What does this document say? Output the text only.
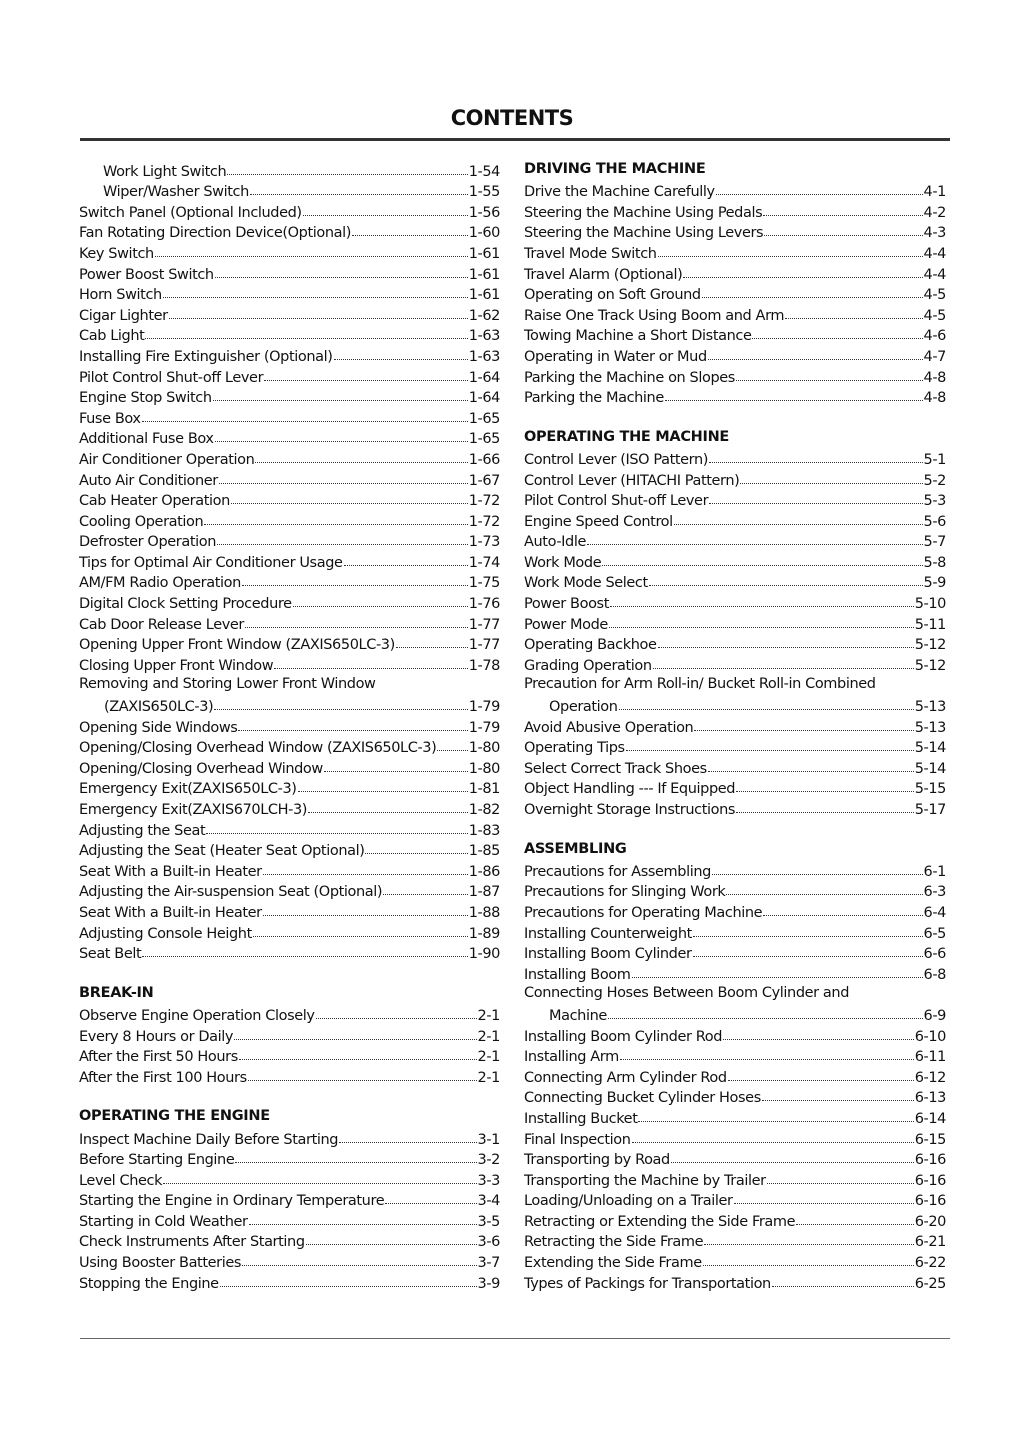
CONTENTS
Work Light Switch	1-54
Wiper/Washer Switch	1-55
Switch Panel (Optional Included)	1-56
Fan Rotating Direction Device(Optional)	1-60
Key Switch	1-61
Power Boost Switch	1-61
Horn Switch	1-61
Cigar Lighter	1-62
Cab Light	1-63
Installing Fire Extinguisher (Optional)	1-63
Pilot Control Shut-off Lever	1-64
Engine Stop Switch	1-64
Fuse Box	1-65
Additional Fuse Box	1-65
Air Conditioner Operation	1-66
Auto Air Conditioner	1-67
Cab Heater Operation	1-72
Cooling Operation	1-72
Defroster Operation	1-73
Tips for Optimal Air Conditioner Usage	1-74
AM/FM Radio Operation	1-75
Digital Clock Setting Procedure	1-76
Cab Door Release Lever	1-77
Opening Upper Front Window (ZAXIS650LC-3)	1-77
Closing Upper Front Window	1-78
Removing and Storing Lower Front Window
(ZAXIS650LC-3)	1-79
Opening Side Windows	1-79
Opening/Closing Overhead Window (ZAXIS650LC-3) 1-80
Opening/Closing Overhead Window	1-80
Emergency Exit(ZAXIS650LC-3)	1-81
Emergency Exit(ZAXIS670LCH-3)	1-82
Adjusting the Seat	1-83
Adjusting the Seat (Heater Seat Optional)	1-85
Seat With a Built-in Heater	1-86
Adjusting the Air-suspension Seat (Optional)	1-87
Seat With a Built-in Heater	1-88
Adjusting Console Height	1-89
Seat Belt	1-90
BREAK-IN
Observe Engine Operation Closely	2-1
Every 8 Hours or Daily	2-1
After the First 50 Hours	2-1
After the First 100 Hours	2-1
OPERATING THE ENGINE
Inspect Machine Daily Before Starting	3-1
Before Starting Engine	3-2
Level Check	3-3
Starting the Engine in Ordinary Temperature	3-4
Starting in Cold Weather	3-5
Check Instruments After Starting	3-6
Using Booster Batteries	3-7
Stopping the Engine	3-9
DRIVING THE MACHINE
Drive the Machine Carefully	4-1
Steering the Machine Using Pedals	4-2
Steering the Machine Using Levers	4-3
Travel Mode Switch	4-4
Travel Alarm (Optional)	4-4
Operating on Soft Ground	4-5
Raise One Track Using Boom and Arm	4-5
Towing Machine a Short Distance	4-6
Operating in Water or Mud	4-7
Parking the Machine on Slopes	4-8
Parking the Machine	4-8
OPERATING THE MACHINE
Control Lever (ISO Pattern)	5-1
Control Lever (HITACHI Pattern)	5-2
Pilot Control Shut-off Lever	5-3
Engine Speed Control	5-6
Auto-Idle	5-7
Work Mode	5-8
Work Mode Select	5-9
Power Boost	5-10
Power Mode	5-11
Operating Backhoe	5-12
Grading Operation	5-12
Precaution for Arm Roll-in/ Bucket Roll-in Combined
Operation	5-13
Avoid Abusive Operation	5-13
Operating Tips	5-14
Select Correct Track Shoes	5-14
Object Handling --- If Equipped	5-15
Overnight Storage Instructions	5-17
ASSEMBLING
Precautions for Assembling	6-1
Precautions for Slinging Work	6-3
Precautions for Operating Machine	6-4
Installing Counterweight	6-5
Installing Boom Cylinder	6-6
Installing Boom	6-8
Connecting Hoses Between Boom Cylinder and
Machine	6-9
Installing Boom Cylinder Rod	6-10
Installing Arm	6-11
Connecting Arm Cylinder Rod	6-12
Connecting Bucket Cylinder Hoses	6-13
Installing Bucket	6-14
Final Inspection	6-15
Transporting by Road	6-16
Transporting the Machine by Trailer	6-16
Loading/Unloading on a Trailer	6-16
Retracting or Extending the Side Frame	6-20
Retracting the Side Frame	6-21
Extending the Side Frame	6-22
Types of Packings for Transportation	6-25
